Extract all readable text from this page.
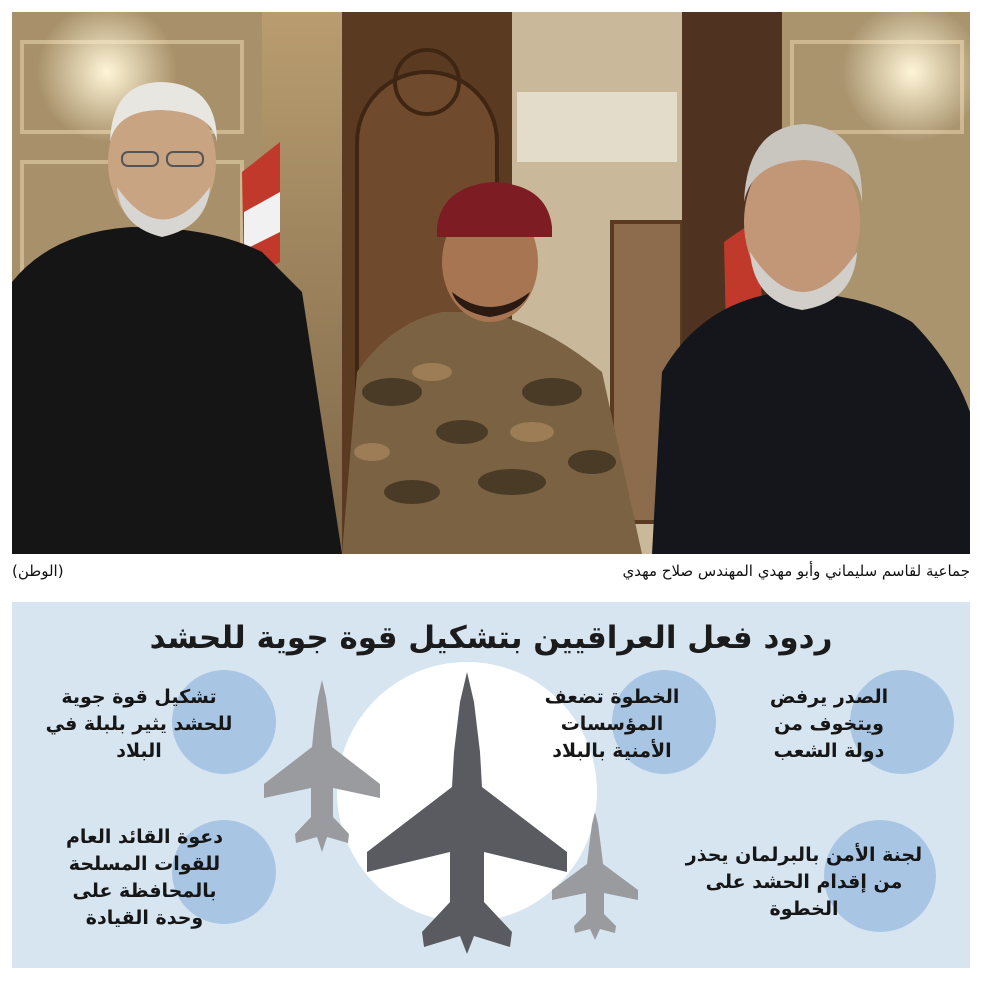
جماعية لقاسم سليماني وأبو مهدي المهندس صلاح مهدي
(الوطن)
ردود فعل العراقيين بتشكيل قوة جوية للحشد
الصدر يرفض ويتخوف من دولة الشعب
الخطوة تضعف المؤسسات الأمنية بالبلاد
تشكيل قوة جوية للحشد يثير بلبلة في البلاد
لجنة الأمن بالبرلمان يحذر من إقدام الحشد على الخطوة
دعوة القائد العام للقوات المسلحة بالمحافظة على وحدة القيادة
